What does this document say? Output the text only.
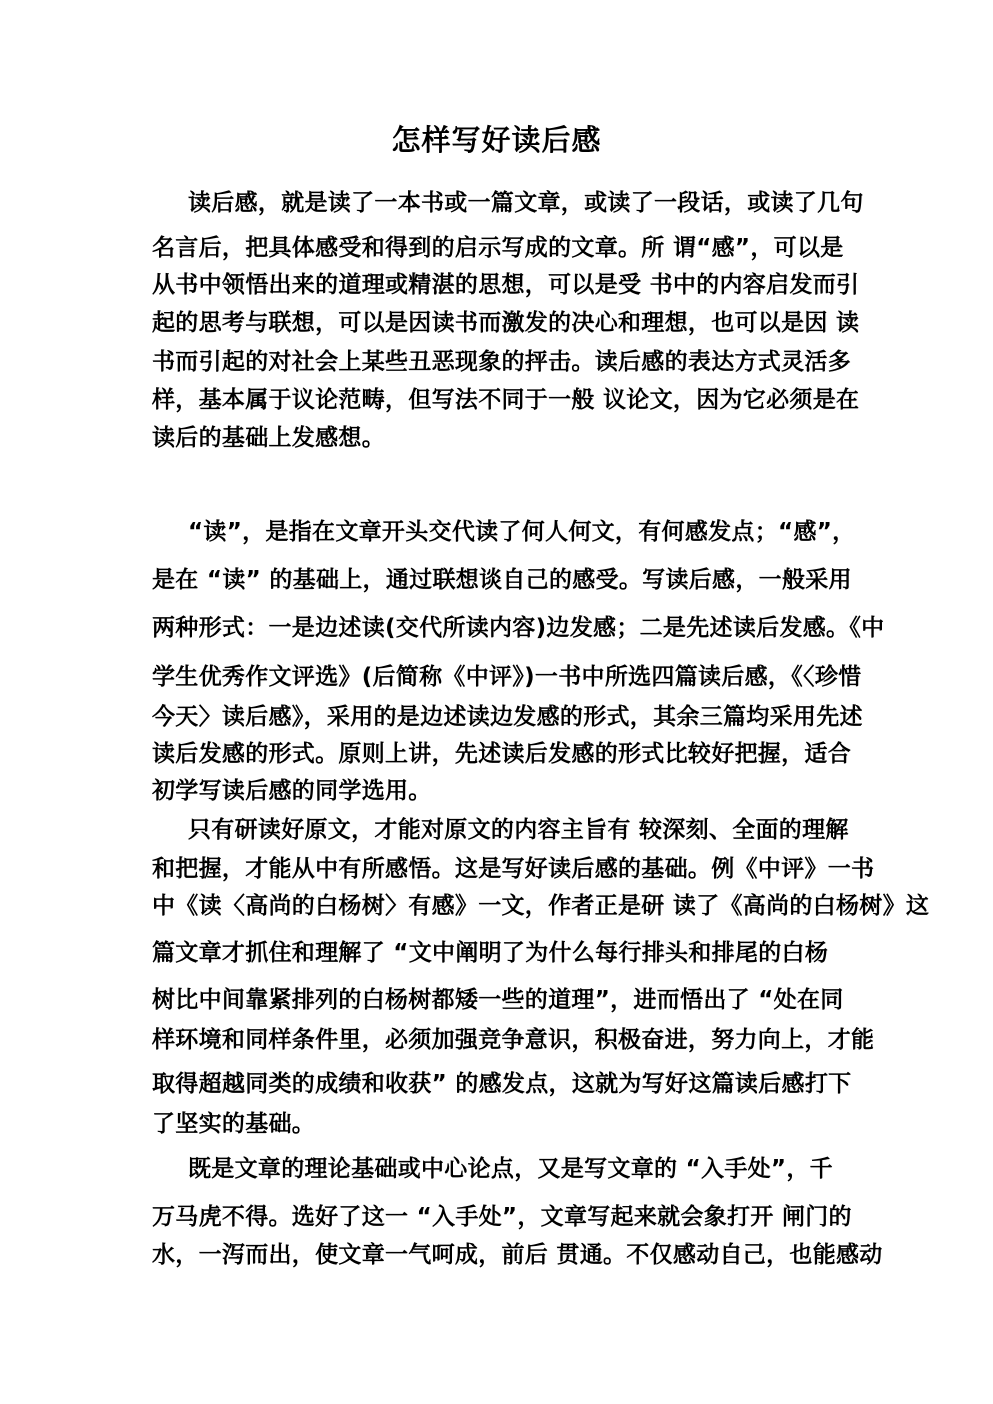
怎样写好读后感
读后感，就是读了一本书或一篇文章，或读了一段话，或读了几句
名言后，把具体感受和得到的启示写成的文章。所 谓“感”，可以是
从书中领悟出来的道理或精湛的思想，可以是受 书中的内容启发而引
起的思考与联想，可以是因读书而激发的决心和理想，也可以是因 读
书而引起的对社会上某些丑恶现象的抨击。读后感的表达方式灵活多
样，基本属于议论范畴，但写法不同于一般 议论文，因为它必须是在
读后的基础上发感想。
“读”，是指在文章开头交代读了何人何文，有何感发点；“感”，
是在 “读” 的基础上，通过联想谈自己的感受。写读后感，一般采用
两种形式：一是边述读(交代所读内容)边发感；二是先述读后发感。《中
学生优秀作文评选》(后简称《中评》)一书中所选四篇读后感，《〈珍惜
今天〉读后感》，采用的是边述读边发感的形式，其余三篇均采用先述
读后发感的形式。原则上讲，先述读后发感的形式比较好把握，适合
初学写读后感的同学选用。
只有研读好原文，才能对原文的内容主旨有 较深刻、全面的理解
和把握，才能从中有所感悟。这是写好读后感的基础。例《中评》一书
中《读〈高尚的白杨树〉有感》一文，作者正是研 读了《高尚的白杨树》这
篇文章才抓住和理解了 “文中阐明了为什么每行排头和排尾的白杨
树比中间靠紧排列的白杨树都矮一些的道理”，进而悟出了 “处在同
样环境和同样条件里，必须加强竞争意识，积极奋进，努力向上，才能
取得超越同类的成绩和收获” 的感发点，这就为写好这篇读后感打下
了坚实的基础。
既是文章的理论基础或中心论点，又是写文章的 “入手处”，千
万马虎不得。选好了这一 “入手处”，文章写起来就会象打开 闸门的
水，一泻而出，使文章一气呵成，前后 贯通。不仅感动自己，也能感动
